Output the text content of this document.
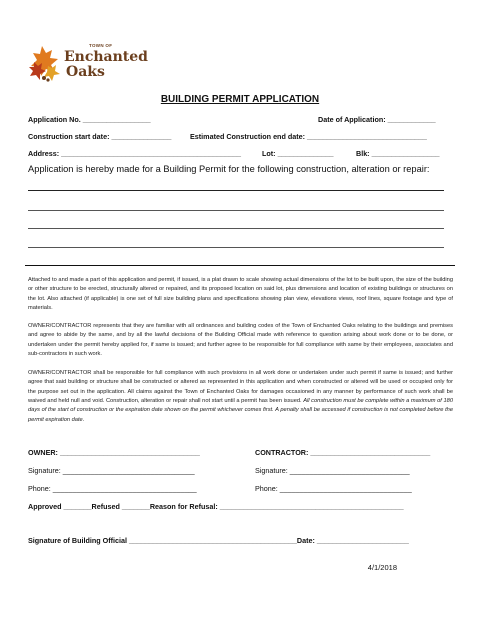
TOWN OF
Enchanted
Oaks
BUILDING PERMIT APPLICATION
Application No. _________________	Date of Application: ____________
Construction start date: _______________	Estimated Construction end date: ______________________________
Address: _____________________________________________	Lot: ______________	Blk: _________________
Application is hereby made for a Building Permit for the following construction, alteration or repair:
Attached to and made a part of this application and permit, if issued, is a plat drawn to scale showing actual dimensions of the lot to be built upon, the size of the building or other structure to be erected, structurally altered or repaired, and its proposed location on said lot, plus dimensions and location of existing buildings or structures on the lot. Also attached (if applicable) is one set of full size building plans and specifications showing plan view, elevations views, roof lines, square footage and type of materials.
OWNER/CONTRACTOR represents that they are familiar with all ordinances and building codes of the Town of Enchanted Oaks relating to the buildings and premises and agree to abide by the same, and by all the lawful decisions of the Building Official made with reference to question arising about work done or to be done, or undertaken under the permit hereby applied for, if same is issued; and further agree to be responsible for full compliance with same by their employees, associates and sub-contractors in such work.
OWNER/CONTRACTOR shall be responsible for full compliance with such provisions in all work done or undertaken under such permit if same is issued; and further agree that said building or structure shall be constructed or altered as represented in this application and when constructed or altered will be used or occupied only for the purpose set out in the application. All claims against the Town of Enchanted Oaks for damages occasioned in any manner by performance of such work shall be waived and held null and void. Construction, alteration or repair shall not start until a permit has been issued. All construction must be complete within a maximum of 180 days of the start of construction or the expiration date shown on the permit whichever comes first. A penalty shall be accessed if construction is not completed before the permit expiration date.
OWNER: ___________________________________	CONTRACTOR: ______________________________
Signature: _________________________________	Signature: ______________________________
Phone: ____________________________________	Phone: _________________________________
Approved _______Refused _______Reason for Refusal: ______________________________________________
Signature of Building Official __________________________________________Date: _______________________
4/1/2018
